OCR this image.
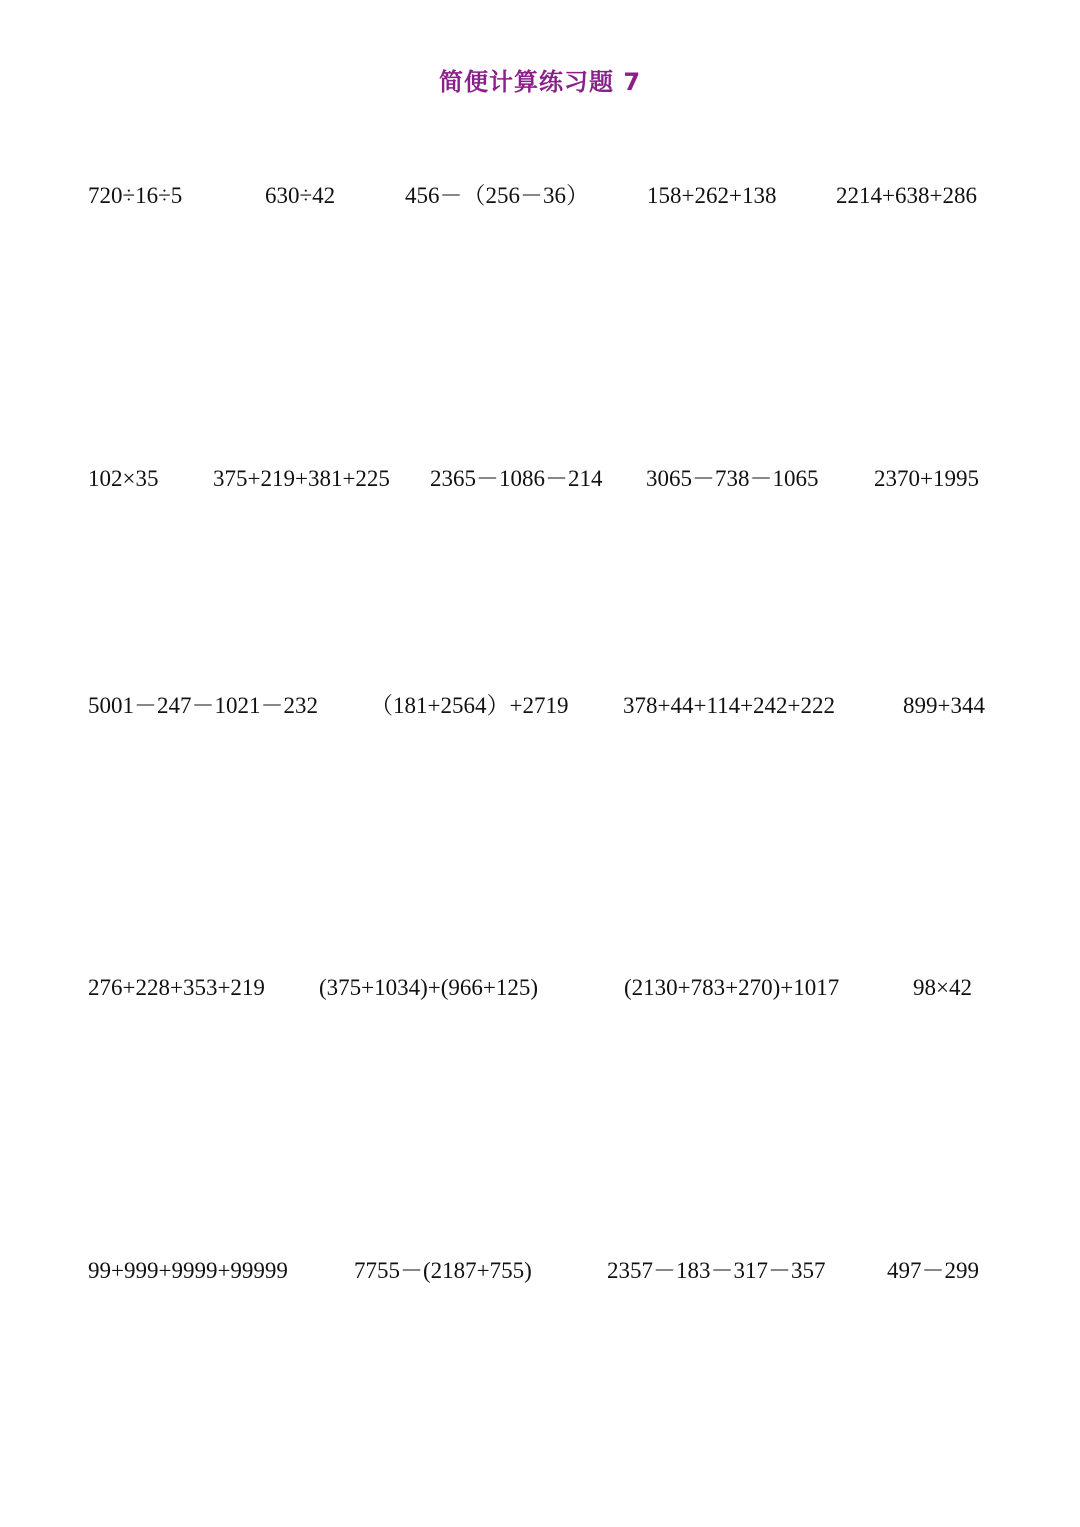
简便计算练习题 7
720÷16÷5	630÷42	456－（256－36）	158+262+138	2214+638+286
102×35 375+219+381+225 2365－1086－214 3065－738－1065 2370+1995
5001－247－1021－232 （181+2564）+2719 378+44+114+242+222	899+344
276+228+353+219 (375+1034)+(966+125)	(2130+783+270)+1017	98×42
99+999+9999+99999	7755－(2187+755)	2357－183－317－357	497－299
